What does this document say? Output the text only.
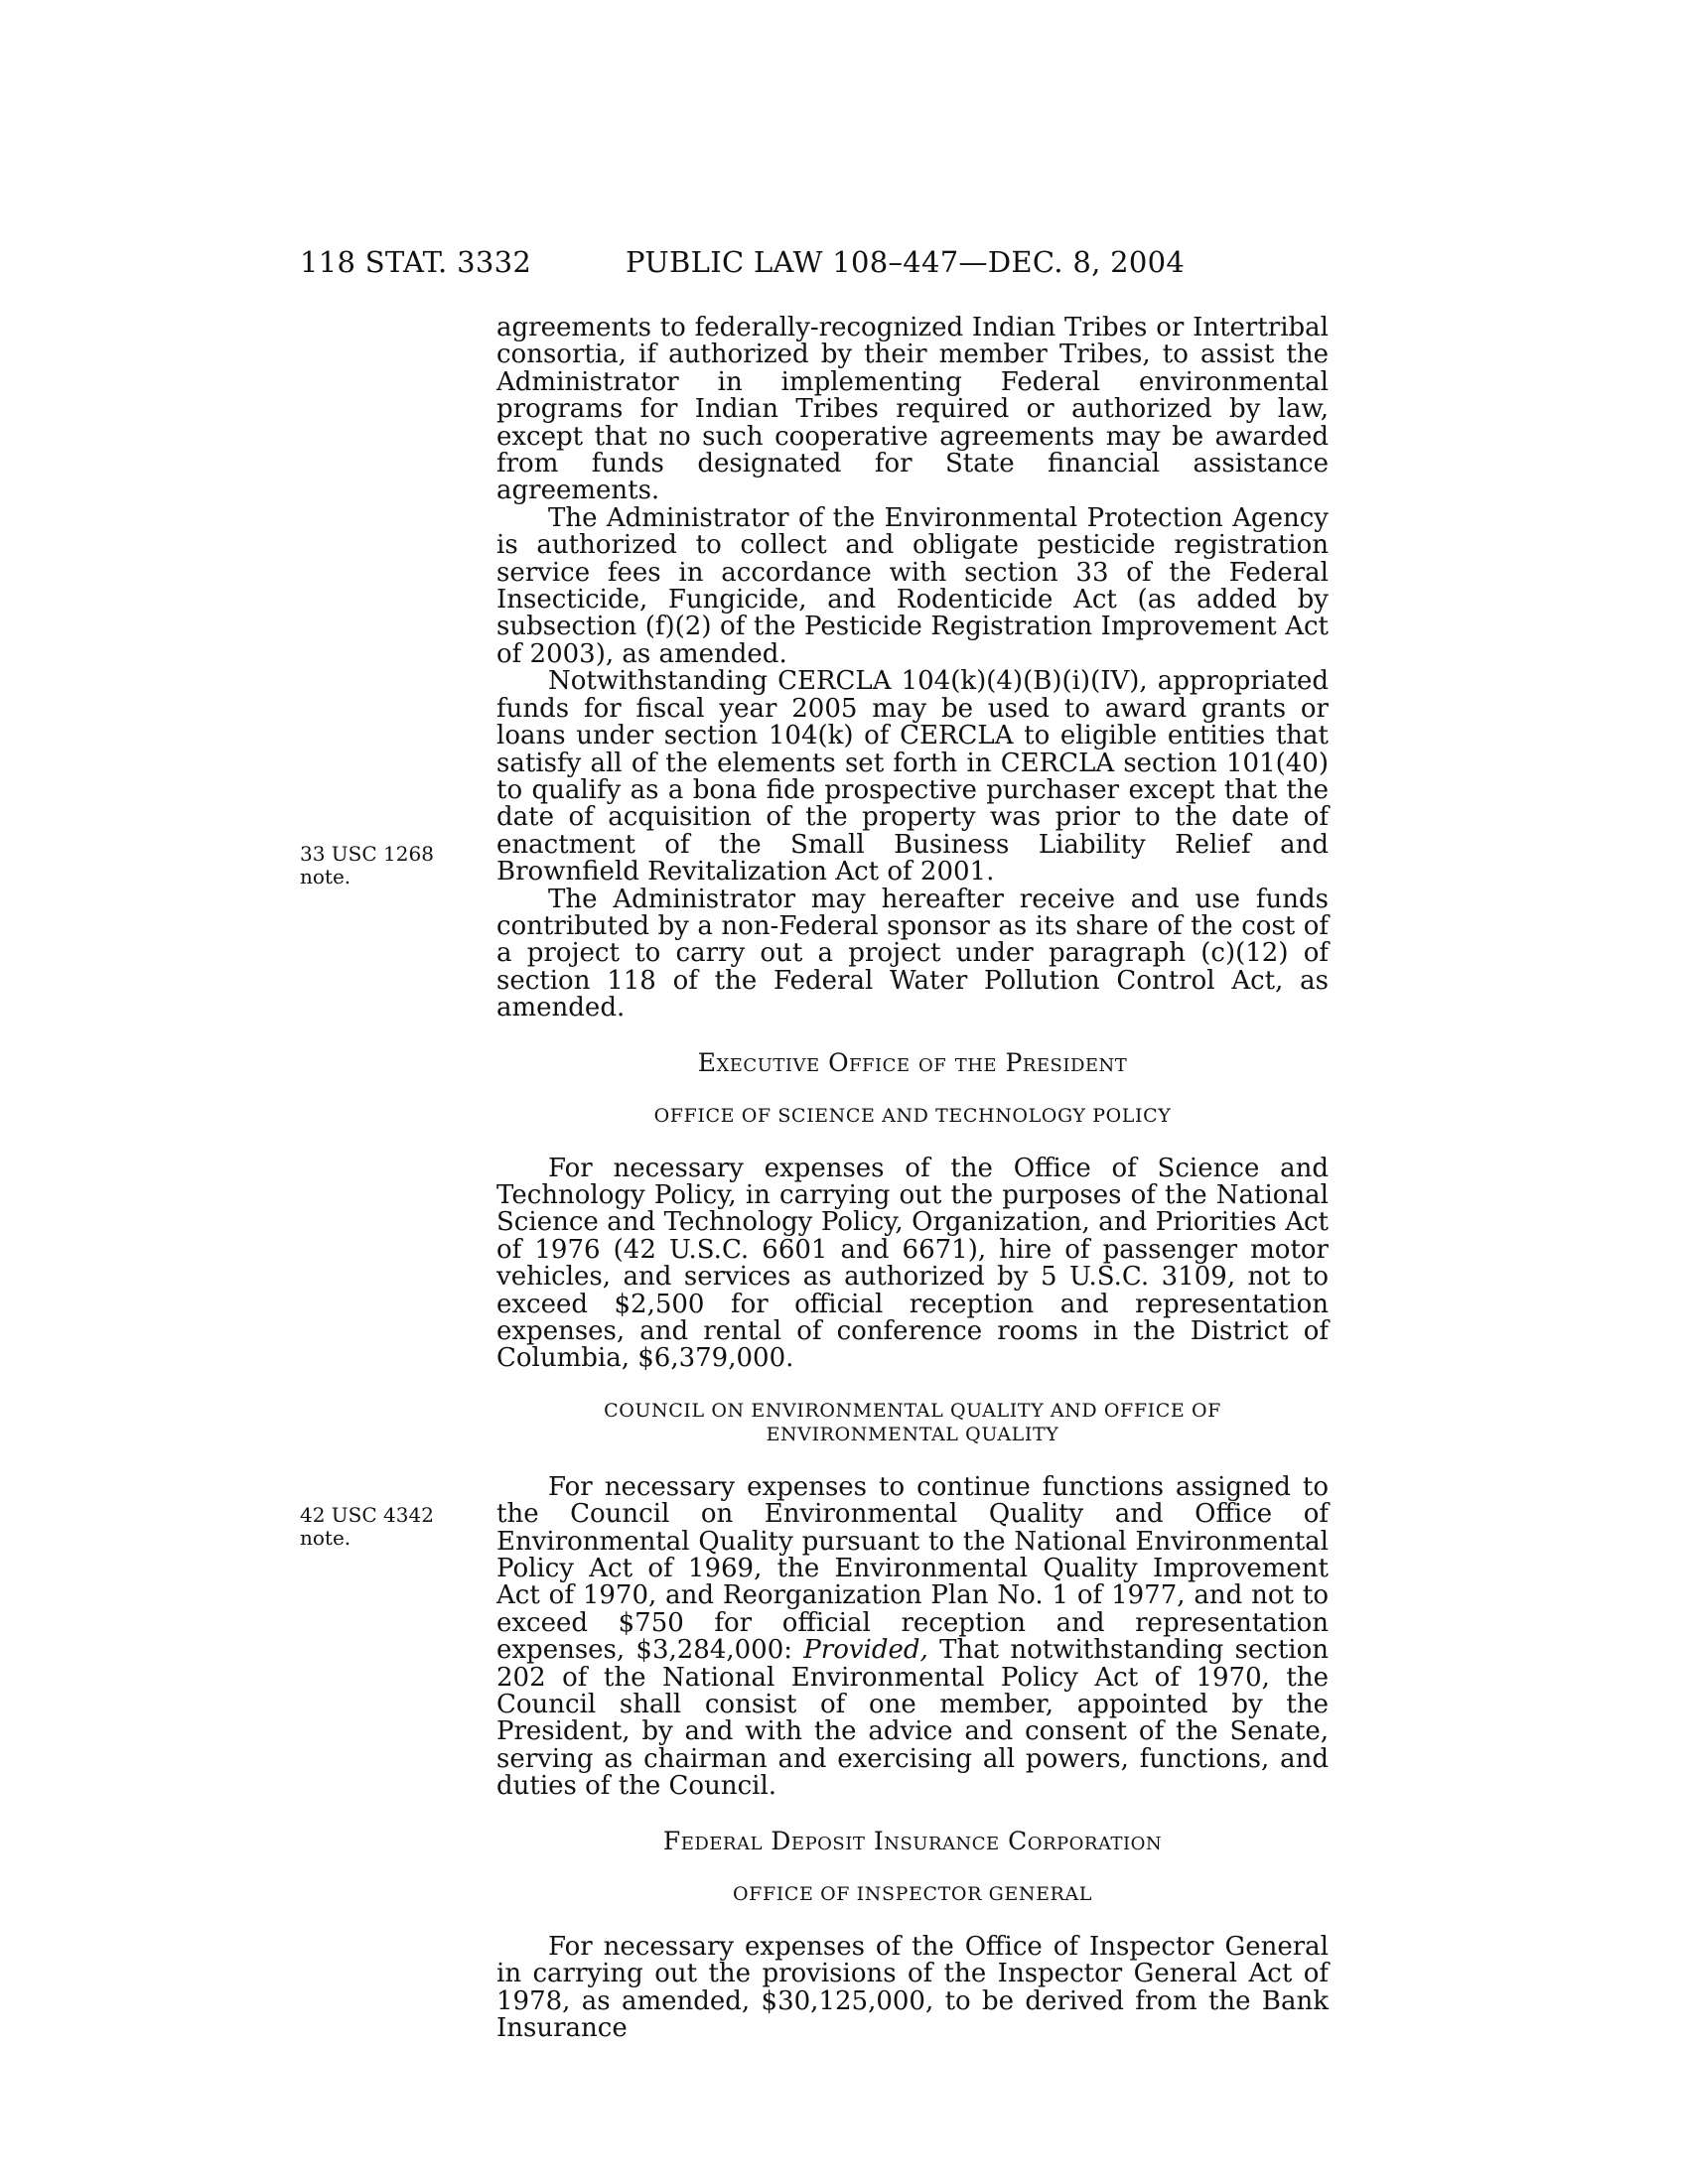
118 STAT. 3332	PUBLIC LAW 108–447—DEC. 8, 2004
33 USC 1268
note.
42 USC 4342
note.

agreements to federally-recognized Indian Tribes or Intertribal consortia, if authorized by their member Tribes, to assist the Administrator in implementing Federal environmental programs for Indian Tribes required or authorized by law, except that no such cooperative agreements may be awarded from funds designated for State financial assistance agreements.

The Administrator of the Environmental Protection Agency is authorized to collect and obligate pesticide registration service fees in accordance with section 33 of the Federal Insecticide, Fungicide, and Rodenticide Act (as added by subsection (f)(2) of the Pesticide Registration Improvement Act of 2003), as amended.

Notwithstanding CERCLA 104(k)(4)(B)(i)(IV), appropriated funds for fiscal year 2005 may be used to award grants or loans under section 104(k) of CERCLA to eligible entities that satisfy all of the elements set forth in CERCLA section 101(40) to qualify as a bona fide prospective purchaser except that the date of acquisition of the property was prior to the date of enactment of the Small Business Liability Relief and Brownfield Revitalization Act of 2001.

The Administrator may hereafter receive and use funds contributed by a non-Federal sponsor as its share of the cost of a project to carry out a project under paragraph (c)(12) of section 118 of the Federal Water Pollution Control Act, as amended.

Executive Office of the President
OFFICE OF SCIENCE AND TECHNOLOGY POLICY

For necessary expenses of the Office of Science and Technology Policy, in carrying out the purposes of the National Science and Technology Policy, Organization, and Priorities Act of 1976 (42 U.S.C. 6601 and 6671), hire of passenger motor vehicles, and services as authorized by 5 U.S.C. 3109, not to exceed $2,500 for official reception and representation expenses, and rental of conference rooms in the District of Columbia, $6,379,000.

COUNCIL ON ENVIRONMENTAL QUALITY AND OFFICE OF
ENVIRONMENTAL QUALITY

For necessary expenses to continue functions assigned to the Council on Environmental Quality and Office of Environmental Quality pursuant to the National Environmental Policy Act of 1969, the Environmental Quality Improvement Act of 1970, and Reorganization Plan No. 1 of 1977, and not to exceed $750 for official reception and representation expenses, $3,284,000: Provided, That notwithstanding section 202 of the National Environmental Policy Act of 1970, the Council shall consist of one member, appointed by the President, by and with the advice and consent of the Senate, serving as chairman and exercising all powers, functions, and duties of the Council.

Federal Deposit Insurance Corporation
OFFICE OF INSPECTOR GENERAL

For necessary expenses of the Office of Inspector General in carrying out the provisions of the Inspector General Act of 1978, as amended, $30,125,000, to be derived from the Bank Insurance
